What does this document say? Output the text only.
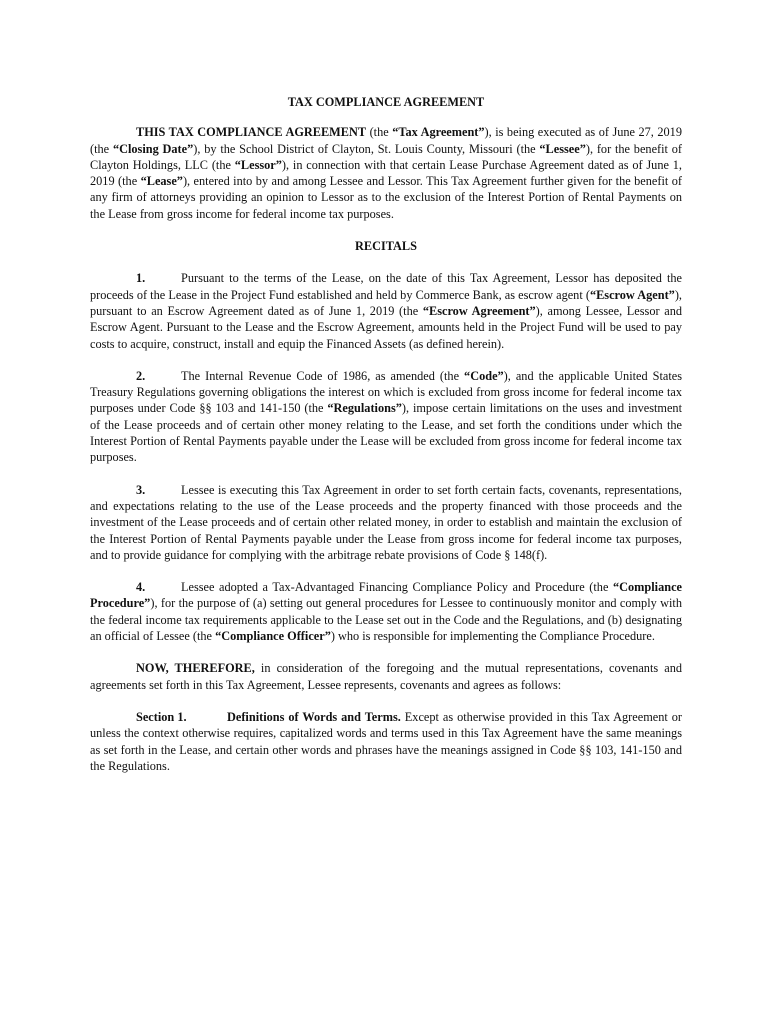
TAX COMPLIANCE AGREEMENT

THIS TAX COMPLIANCE AGREEMENT (the “Tax Agreement”), is being executed as of June 27, 2019 (the “Closing Date”), by the School District of Clayton, St. Louis County, Missouri (the “Lessee”), for the benefit of Clayton Holdings, LLC (the “Lessor”), in connection with that certain Lease Purchase Agreement dated as of June 1, 2019 (the “Lease”), entered into by and among Lessee and Lessor. This Tax Agreement further given for the benefit of any firm of attorneys providing an opinion to Lessor as to the exclusion of the Interest Portion of Rental Payments on the Lease from gross income for federal income tax purposes.

RECITALS

1.	Pursuant to the terms of the Lease, on the date of this Tax Agreement, Lessor has deposited the proceeds of the Lease in the Project Fund established and held by Commerce Bank, as escrow agent (“Escrow Agent”), pursuant to an Escrow Agreement dated as of June 1, 2019 (the “Escrow Agreement”), among Lessee, Lessor and Escrow Agent. Pursuant to the Lease and the Escrow Agreement, amounts held in the Project Fund will be used to pay costs to acquire, construct, install and equip the Financed Assets (as defined herein).

2.	The Internal Revenue Code of 1986, as amended (the “Code”), and the applicable United States Treasury Regulations governing obligations the interest on which is excluded from gross income for federal income tax purposes under Code §§ 103 and 141-150 (the “Regulations”), impose certain limitations on the uses and investment of the Lease proceeds and of certain other money relating to the Lease, and set forth the conditions under which the Interest Portion of Rental Payments payable under the Lease will be excluded from gross income for federal income tax purposes.

3.	Lessee is executing this Tax Agreement in order to set forth certain facts, covenants, representations, and expectations relating to the use of the Lease proceeds and the property financed with those proceeds and the investment of the Lease proceeds and of certain other related money, in order to establish and maintain the exclusion of the Interest Portion of Rental Payments payable under the Lease from gross income for federal income tax purposes, and to provide guidance for complying with the arbitrage rebate provisions of Code § 148(f).

4.	Lessee adopted a Tax-Advantaged Financing Compliance Policy and Procedure (the “Compliance Procedure”), for the purpose of (a) setting out general procedures for Lessee to continuously monitor and comply with the federal income tax requirements applicable to the Lease set out in the Code and the Regulations, and (b) designating an official of Lessee (the “Compliance Officer”) who is responsible for implementing the Compliance Procedure.

NOW, THEREFORE, in consideration of the foregoing and the mutual representations, covenants and agreements set forth in this Tax Agreement, Lessee represents, covenants and agrees as follows:

Section 1.	Definitions of Words and Terms. Except as otherwise provided in this Tax Agreement or unless the context otherwise requires, capitalized words and terms used in this Tax Agreement have the same meanings as set forth in the Lease, and certain other words and phrases have the meanings assigned in Code §§ 103, 141-150 and the Regulations.
